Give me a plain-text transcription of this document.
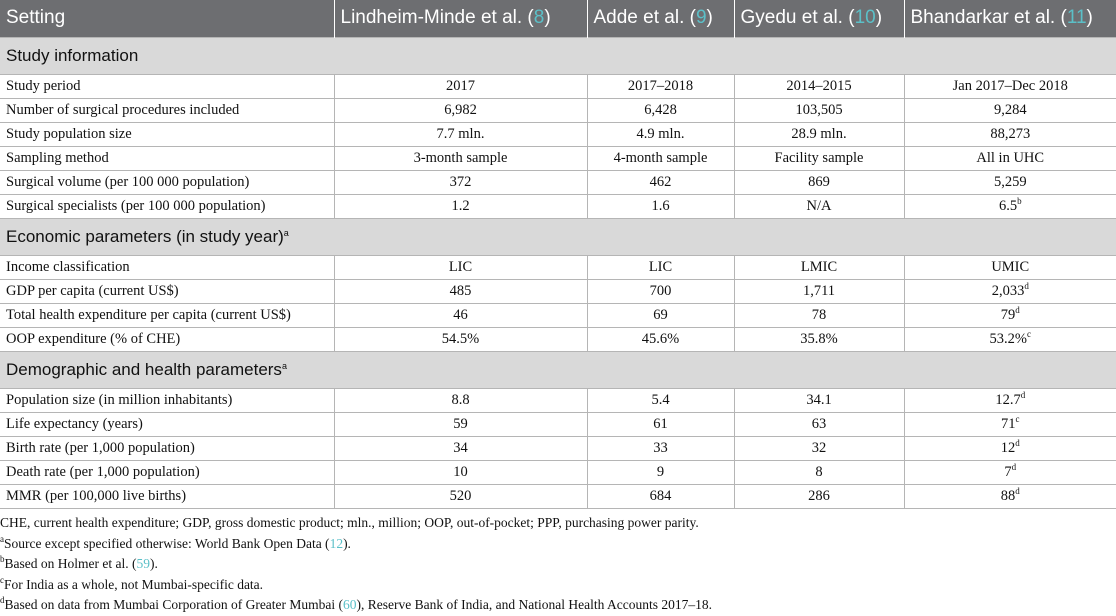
Setting	Lindheim-Minde et al. (8)	Adde et al. (9)	Gyedu et al. (10)	Bhandarkar et al. (11)
Study information				
Study period	2017	2017–2018	2014–2015	Jan 2017–Dec 2018
Number of surgical procedures included	6,982	6,428	103,505	9,284
Study population size	7.7 mln.	4.9 mln.	28.9 mln.	88,273
Sampling method	3-month sample	4-month sample	Facility sample	All in UHC
Surgical volume (per 100 000 population)	372	462	869	5,259
Surgical specialists (per 100 000 population)	1.2	1.6	N/A	6.5$^b$
Economic parameters (in study year)$^a$
Income classification	LIC	LIC	LMIC	UMIC
GDP per capita (current US$)	485	700	1,711	2,033$^d$
Total health expenditure per capita (current US$)	46	69	78	79$^d$
OOP expenditure (% of CHE)	54.5%	45.6%	35.8%	53.2%$^c$
Demographic and health parameters$^a$
Population size (in million inhabitants)	8.8	5.4	34.1	12.7$^d$
Life expectancy (years)	59	61	63	71$^c$
Birth rate (per 1,000 population)	34	33	32	12$^d$
Death rate (per 1,000 population)	10	9	8	7$^d$
MMR (per 100,000 live births)	520	684	286	88$^d$

CHE, current health expenditure; GDP, gross domestic product; mln., million; OOP, out-of-pocket; PPP, purchasing power parity.

$^a$Source except specified otherwise: World Bank Open Data (12).

$^b$Based on Holmer et al. (59).

$^c$For India as a whole, not Mumbai-specific data.

$^d$Based on data from Mumbai Corporation of Greater Mumbai (60), Reserve Bank of India, and National Health Accounts 2017–18.
